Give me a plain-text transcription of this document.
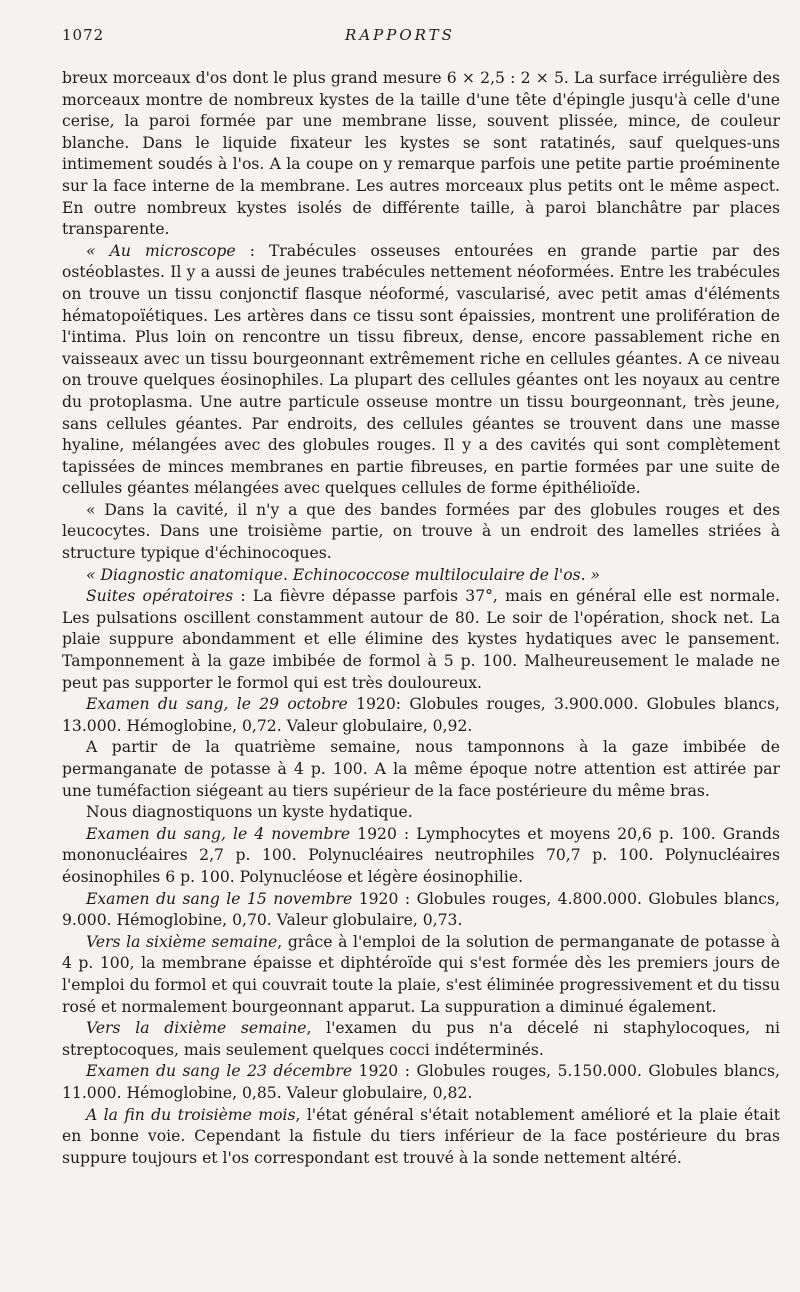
1072	RAPPORTS

breux morceaux d'os dont le plus grand mesure 6 × 2,5 : 2 × 5. La surface irrégulière des morceaux montre de nombreux kystes de la taille d'une tête d'épingle jusqu'à celle d'une cerise, la paroi formée par une membrane lisse, souvent plissée, mince, de couleur blanche. Dans le liquide fixateur les kystes se sont ratatinés, sauf quelques-uns intimement soudés à l'os. A la coupe on y remarque parfois une petite partie proéminente sur la face interne de la membrane. Les autres morceaux plus petits ont le même aspect. En outre nombreux kystes isolés de différente taille, à paroi blanchâtre par places transparente.

« Au microscope : Trabécules osseuses entourées en grande partie par des ostéoblastes. Il y a aussi de jeunes trabécules nettement néoformées. Entre les trabécules on trouve un tissu conjonctif flasque néoformé, vascularisé, avec petit amas d'éléments hématopoïétiques. Les artères dans ce tissu sont épaissies, montrent une prolifération de l'intima. Plus loin on rencontre un tissu fibreux, dense, encore passablement riche en vaisseaux avec un tissu bourgeonnant extrêmement riche en cellules géantes. A ce niveau on trouve quelques éosinophiles. La plupart des cellules géantes ont les noyaux au centre du protoplasma. Une autre particule osseuse montre un tissu bourgeonnant, très jeune, sans cellules géantes. Par endroits, des cellules géantes se trouvent dans une masse hyaline, mélangées avec des globules rouges. Il y a des cavités qui sont complètement tapissées de minces membranes en partie fibreuses, en partie formées par une suite de cellules géantes mélangées avec quelques cellules de forme épithélioïde.

« Dans la cavité, il n'y a que des bandes formées par des globules rouges et des leucocytes. Dans une troisième partie, on trouve à un endroit des lamelles striées à structure typique d'échinocoques.

« Diagnostic anatomique. Echinococcose multiloculaire de l'os. »

Suites opératoires : La fièvre dépasse parfois 37°, mais en général elle est normale. Les pulsations oscillent constamment autour de 80. Le soir de l'opération, shock net. La plaie suppure abondamment et elle élimine des kystes hydatiques avec le pansement. Tamponnement à la gaze imbibée de formol à 5 p. 100. Malheureusement le malade ne peut pas supporter le formol qui est très douloureux.

Examen du sang, le 29 octobre 1920: Globules rouges, 3.900.000. Globules blancs, 13.000. Hémoglobine, 0,72. Valeur globulaire, 0,92.

A partir de la quatrième semaine, nous tamponnons à la gaze imbibée de permanganate de potasse à 4 p. 100. A la même époque notre attention est attirée par une tuméfaction siégeant au tiers supérieur de la face postérieure du même bras.

Nous diagnostiquons un kyste hydatique.

Examen du sang, le 4 novembre 1920 : Lymphocytes et moyens 20,6 p. 100. Grands mononucléaires 2,7 p. 100. Polynucléaires neutrophiles 70,7 p. 100. Polynucléaires éosinophiles 6 p. 100. Polynucléose et légère éosinophilie.

Examen du sang le 15 novembre 1920 : Globules rouges, 4.800.000. Globules blancs, 9.000. Hémoglobine, 0,70. Valeur globulaire, 0,73.

Vers la sixième semaine, grâce à l'emploi de la solution de permanganate de potasse à 4 p. 100, la membrane épaisse et diphtéroïde qui s'est formée dès les premiers jours de l'emploi du formol et qui couvrait toute la plaie, s'est éliminée progressivement et du tissu rosé et normalement bourgeonnant apparut. La suppuration a diminué également.

Vers la dixième semaine, l'examen du pus n'a décelé ni staphylocoques, ni streptocoques, mais seulement quelques cocci indéterminés.

Examen du sang le 23 décembre 1920 : Globules rouges, 5.150.000. Globules blancs, 11.000. Hémoglobine, 0,85. Valeur globulaire, 0,82.

A la fin du troisième mois, l'état général s'était notablement amélioré et la plaie était en bonne voie. Cependant la fistule du tiers inférieur de la face postérieure du bras suppure toujours et l'os correspondant est trouvé à la sonde nettement altéré.
